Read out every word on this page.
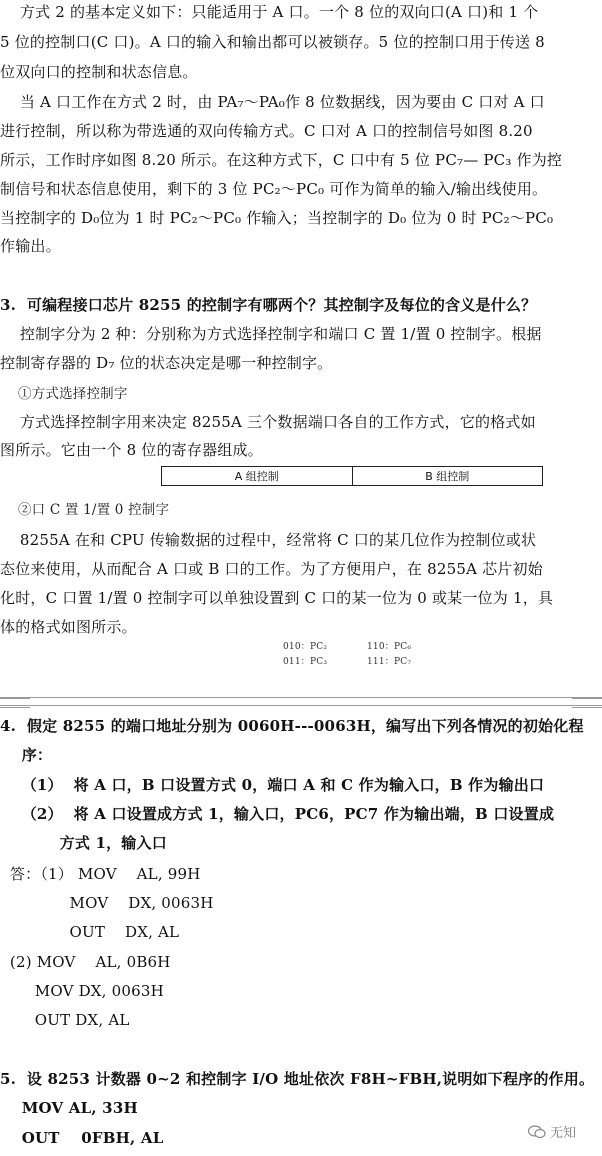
方式 2 的基本定义如下：只能适用于 A 口。一个 8 位的双向口(A 口)和 1 个
5 位的控制口(C 口)。A 口的输入和输出都可以被锁存。5 位的控制口用于传送 8
位双向口的控制和状态信息。
当 A 口工作在方式 2 时，由 PA₇～PA₀作 8 位数据线，因为要由 C 口对 A 口
进行控制，所以称为带选通的双向传输方式。C 口对 A 口的控制信号如图 8.20
所示，工作时序如图 8.20 所示。在这种方式下，C 口中有 5 位 PC₇— PC₃ 作为控
制信号和状态信息使用，剩下的 3 位 PC₂～PC₀ 可作为简单的输入/输出线使用。
当控制字的 D₀位为 1 时 PC₂～PC₀ 作输入；当控制字的 D₀ 位为 0 时 PC₂～PC₀
作输出。
3.  可编程接口芯片 8255 的控制字有哪两个？其控制字及每位的含义是什么？
控制字分为 2 种：分别称为方式选择控制字和端口 C 置 1/置 0 控制字。根据
控制寄存器的 D₇ 位的状态决定是哪一种控制字。
①方式选择控制字
方式选择控制字用来决定 8255A 三个数据端口各自的工作方式，它的格式如
图所示。它由一个 8 位的寄存器组成。
A 组控制	B 组控制
②口 C 置 1/置 0 控制字
8255A 在和 CPU 传输数据的过程中，经常将 C 口的某几位作为控制位或状
态位来使用，从而配合 A 口或 B 口的工作。为了方便用户，在 8255A 芯片初始
化时，C 口置 1/置 0 控制字可以单独设置到 C 口的某一位为 0 或某一位为 1，具
体的格式如图所示。
010：PC₂	110：PC₆
011：PC₃	111：PC₇
4.  假定 8255 的端口地址分别为 0060H---0063H，编写出下列各情况的初始化程
序：
（1）  将 A 口，B 口设置方式 0，端口 A 和 C 作为输入口，B 作为输出口
（2）  将 A 口设置成方式 1，输入口，PC6，PC7 作为输出端，B 口设置成
方式 1，输入口
答：（1） MOV    AL, 99H
MOV    DX, 0063H
OUT    DX, AL
(2) MOV    AL, 0B6H
MOV DX, 0063H
OUT DX, AL
5.  设 8253 计数器 0~2 和控制字 I/O 地址依次 F8H~FBH,说明如下程序的作用。
MOV AL, 33H
OUT    0FBH, AL	无知
